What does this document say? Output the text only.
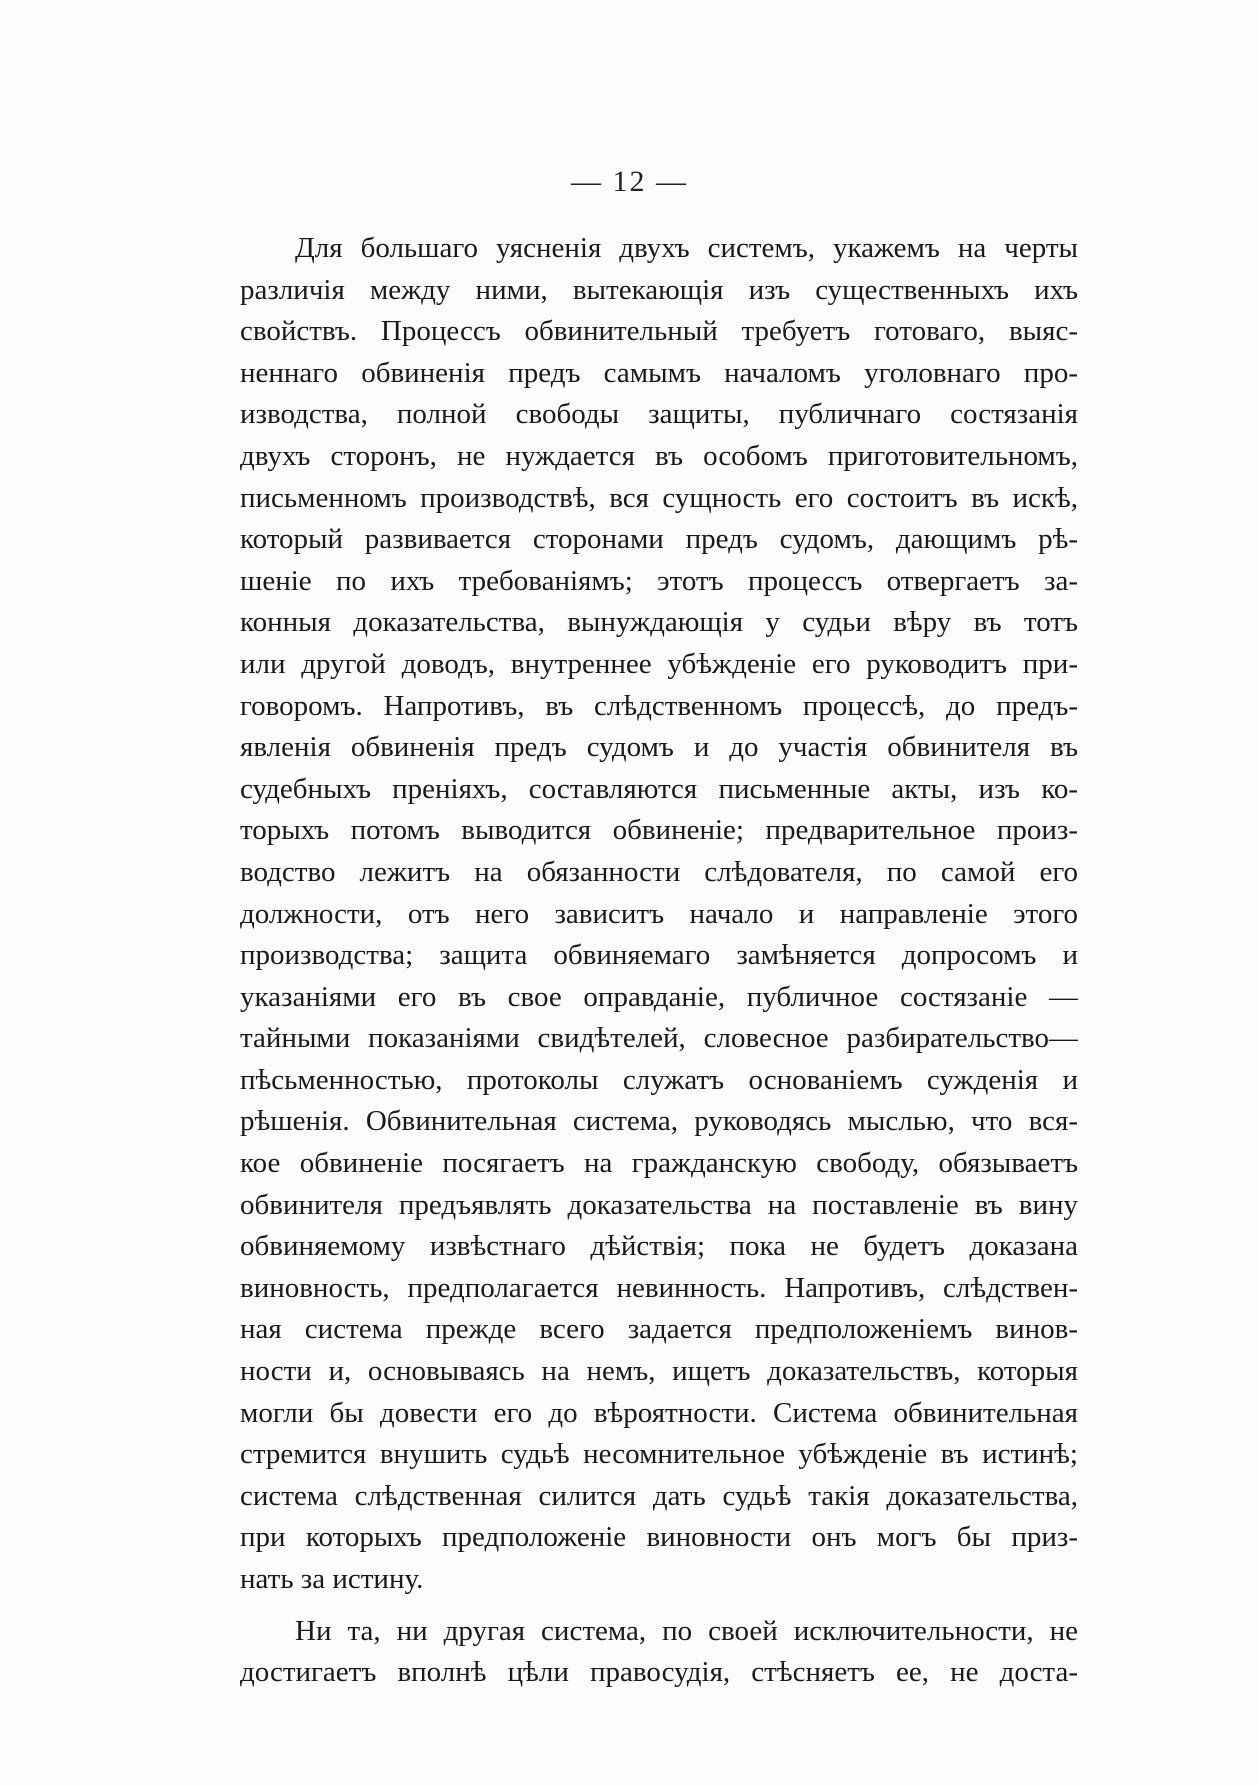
— 12 —
Для большаго уясненія двухъ системъ, укажемъ на черты
различія между ними, вытекающія изъ существенныхъ ихъ
свойствъ. Процессъ обвинительный требуетъ готоваго, выяс-
неннаго обвиненія предъ самымъ началомъ уголовнаго про-
изводства, полной свободы защиты, публичнаго состязанія
двухъ сторонъ, не нуждается въ особомъ приготовительномъ,
письменномъ производствѣ, вся сущность его состоитъ въ искѣ,
который развивается сторонами предъ судомъ, дающимъ рѣ-
шеніе по ихъ требованіямъ; этотъ процессъ отвергаетъ за-
конныя доказательства, вынуждающія у судьи вѣру въ тотъ
или другой доводъ, внутреннее убѣжденіе его руководитъ при-
говоромъ. Напротивъ, въ слѣдственномъ процессѣ, до предъ-
явленія обвиненія предъ судомъ и до участія обвинителя въ
судебныхъ преніяхъ, составляются письменные акты, изъ ко-
торыхъ потомъ выводится обвиненіе; предварительное произ-
водство лежитъ на обязанности слѣдователя, по самой его
должности, отъ него зависитъ начало и направленіе этого
производства; защита обвиняемаго замѣняется допросомъ и
указаніями его въ свое оправданіе, публичное состязаніе —
тайными показаніями свидѣтелей, словесное разбирательство—
пѣсьменностью, протоколы служатъ основаніемъ сужденія и
рѣшенія. Обвинительная система, руководясь мыслью, что вся-
кое обвиненіе посягаетъ на гражданскую свободу, обязываетъ
обвинителя предъявлять доказательства на поставленіе въ вину
обвиняемому извѣстнаго дѣйствія; пока не будетъ доказана
виновность, предполагается невинность. Напротивъ, слѣдствен-
ная система прежде всего задается предположеніемъ винов-
ности и, основываясь на немъ, ищетъ доказательствъ, которыя
могли бы довести его до вѣроятности. Система обвинительная
стремится внушить судьѣ несомнительное убѣжденіе въ истинѣ;
система слѣдственная силится дать судьѣ такія доказательства,
при которыхъ предположеніе виновности онъ могъ бы приз-
нать за истину.
Ни та, ни другая система, по своей исключительности, не
достигаетъ вполнѣ цѣли правосудія, стѣсняетъ ее, не доста-
